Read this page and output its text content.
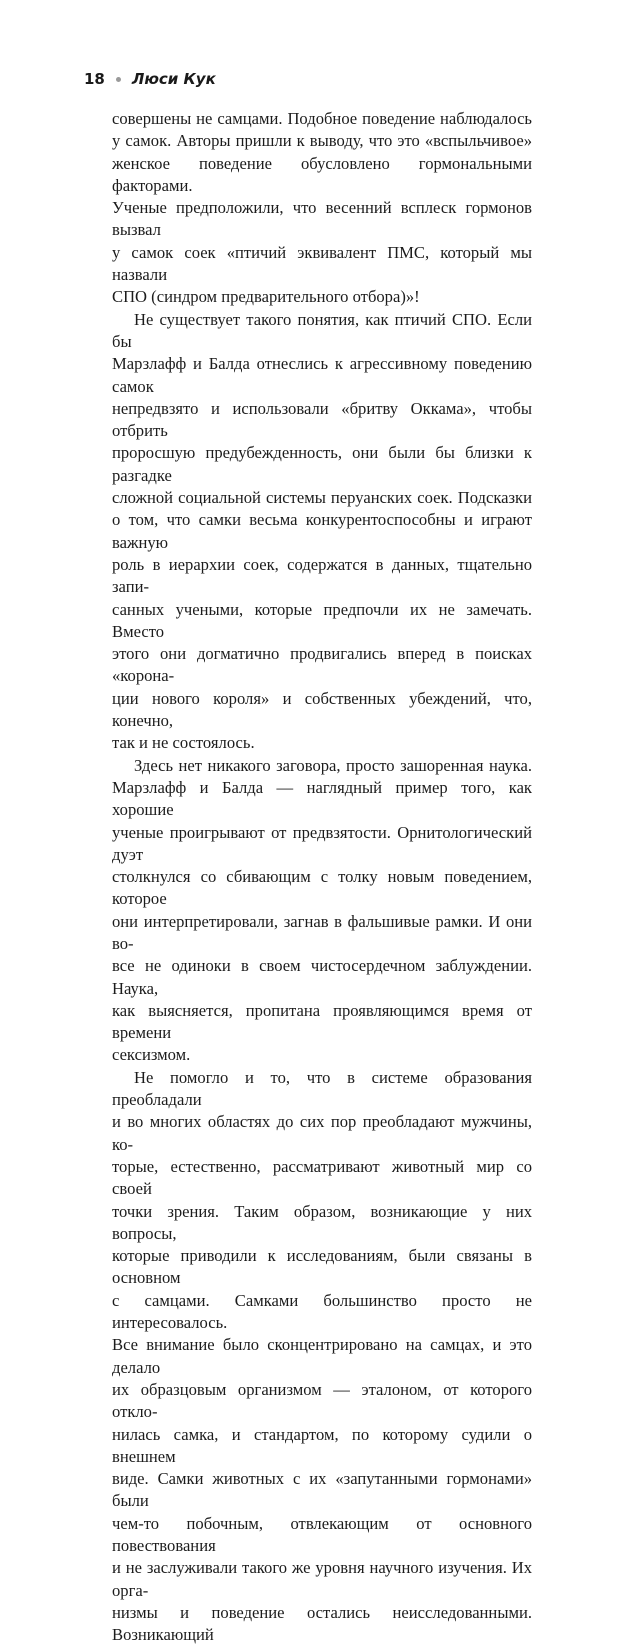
18 Люси Кук

совершены не самцами. Подобное поведение наблюдалось

у самок. Авторы пришли к выводу, что это «вспыльчивое»

женское поведение обусловлено гормональными факторами.

Ученые предположили, что весенний всплеск гормонов вызвал

у самок соек «птичий эквивалент ПМС, который мы назвали

СПО (синдром предварительного отбора)»!

Не существует такого понятия, как птичий СПО. Если бы

Марзлафф и Балда отнеслись к агрессивному поведению самок

непредвзято и использовали «бритву Оккама», чтобы отбрить

проросшую предубежденность, они были бы близки к разгадке

сложной социальной системы перуанских соек. Подсказки

о том, что самки весьма конкурентоспособны и играют важную

роль в иерархии соек, содержатся в данных, тщательно запи-

санных учеными, которые предпочли их не замечать. Вместо

этого они догматично продвигались вперед в поисках «корона-

ции нового короля» и собственных убеждений, что, конечно,

так и не состоялось.

Здесь нет никакого заговора, просто зашоренная наука.

Марзлафф и Балда — наглядный пример того, как хорошие

ученые проигрывают от предвзятости. Орнитологический дуэт

столкнулся со сбивающим с толку новым поведением, которое

они интерпретировали, загнав в фальшивые рамки. И они во-

все не одиноки в своем чистосердечном заблуждении. Наука,

как выясняется, пропитана проявляющимся время от времени

сексизмом.

Не помогло и то, что в системе образования преобладали

и во многих областях до сих пор преобладают мужчины, ко-

торые, естественно, рассматривают животный мир со своей

точки зрения. Таким образом, возникающие у них вопросы,

которые приводили к исследованиям, были связаны в основном

с самцами. Самками большинство просто не интересовалось.

Все внимание было сконцентрировано на самцах, и это делало

их образцовым организмом — эталоном, от которого откло-

нилась самка, и стандартом, по которому судили о внешнем

виде. Самки животных с их «запутанными гормонами» были

чем-то побочным, отвлекающим от основного повествования

и не заслуживали такого же уровня научного изучения. Их орга-

низмы и поведение остались неисследованными. Возникающий
